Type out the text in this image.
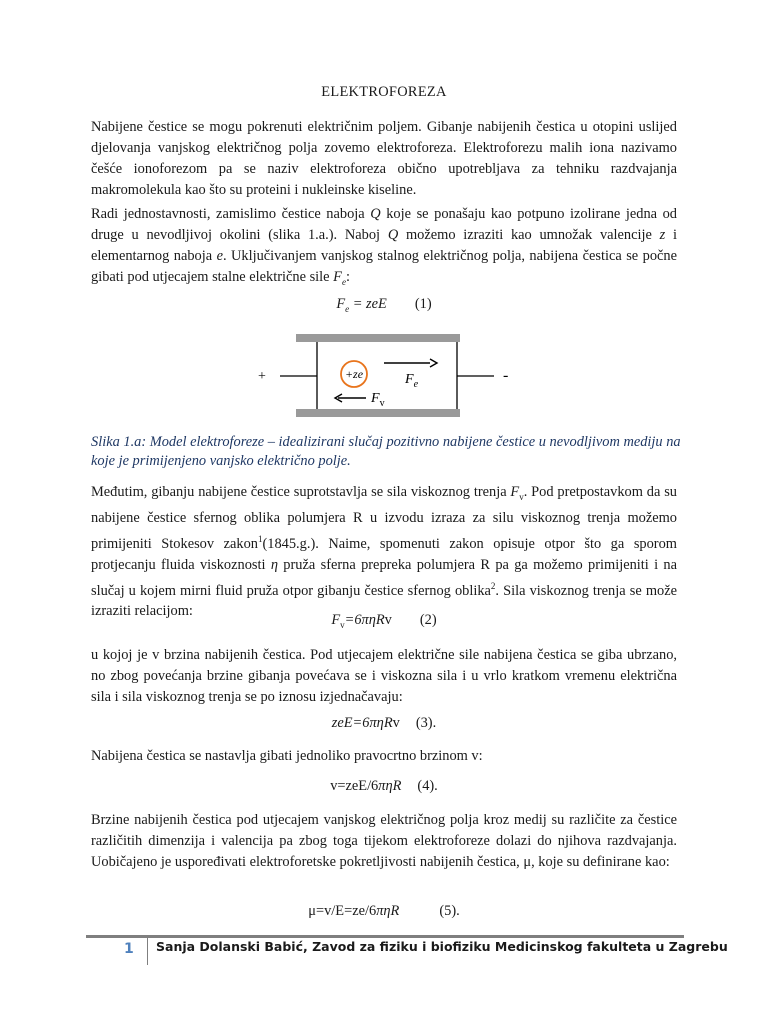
ELEKTROFOREZA

Nabijene čestice se mogu pokrenuti električnim poljem. Gibanje nabijenih čestica u otopini uslijed djelovanja vanjskog električnog polja zovemo elektroforeza. Elektroforezu malih iona nazivamo češće ionoforezom pa se naziv elektroforeza obično upotrebljava za tehniku razdvajanja makromolekula kao što su proteini i nukleinske kiseline.

Radi jednostavnosti, zamislimo čestice naboja Q koje se ponašaju kao potpuno izolirane jedna od druge u nevodljivoj okolini (slika 1.a.). Naboj Q možemo izraziti kao umnožak valencije z i elementarnog naboja e. Uključivanjem vanjskog stalnog električnog polja, nabijena čestica se počne gibati pod utjecajem stalne električne sile $F_e$:

$F_e$ = zeE (1)
+	-
+ze	$F_e$
$F_v$
Slika 1.a: Model elektroforeze – idealizirani slučaj pozitivno nabijene čestice u nevodljivom mediju na koje je primijenjeno vanjsko električno polje.

Međutim, gibanju nabijene čestice suprotstavlja se sila viskoznog trenja $F_v$. Pod pretpostavkom da su nabijene čestice sfernog oblika polumjera R u izvodu izraza za silu viskoznog trenja možemo primijeniti Stokesov zakon$^1$(1845.g.). Naime, spomenuti zakon opisuje otpor što ga sporom protjecanju fluida viskoznosti η pruža sferna prepreka polumjera R pa ga možemo primijeniti i na slučaj u kojem mirni fluid pruža otpor gibanju čestice sfernog oblika$^2$. Sila viskoznog trenja se može izraziti relacijom:

$F_v=6\pi\eta Rv$ (2)

u kojoj je v brzina nabijenih čestica. Pod utjecajem električne sile nabijena čestica se giba ubrzano, no zbog povećanja brzine gibanja povećava se i viskozna sila i u vrlo kratkom vremenu električna sila i sila viskoznog trenja se po iznosu izjednačavaju:

zeE=6πηRv (3).

Nabijena čestica se nastavlja gibati jednoliko pravocrtno brzinom v:

v=zeE/6πηR (4).

Brzine nabijenih čestica pod utjecajem vanjskog električnog polja kroz medij su različite za čestice različitih dimenzija i valencija pa zbog toga tijekom elektroforeze dolazi do njihova razdvajanja. Uobičajeno je uspoređivati elektroforetske pokretljivosti nabijenih čestica, μ, koje su definirane kao:

μ=v/E=ze/6πηR	(5).
1 Sanja Dolanski Babić, Zavod za fiziku i biofiziku Medicinskog fakulteta u Zagrebu
